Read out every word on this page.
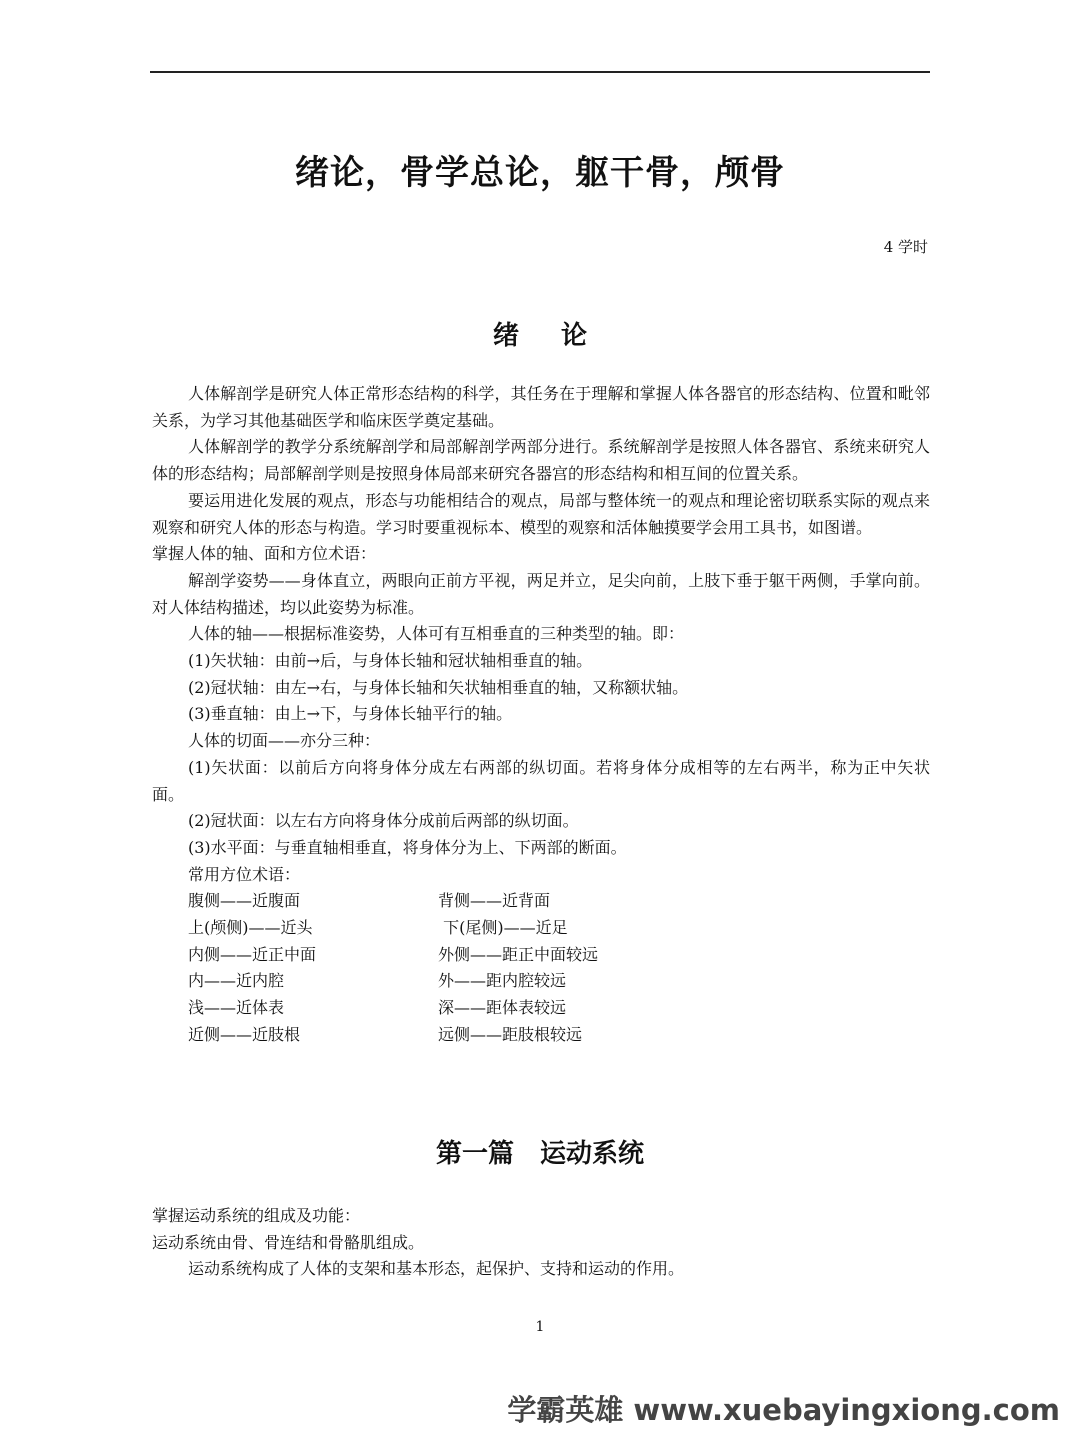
绪论，骨学总论，躯干骨，颅骨
4 学时
绪论

人体解剖学是研究人体正常形态结构的科学，其任务在于理解和掌握人体各器官的形态结构、位置和毗邻关系，为学习其他基础医学和临床医学奠定基础。

人体解剖学的教学分系统解剖学和局部解剖学两部分进行。系统解剖学是按照人体各器官、系统来研究人体的形态结构；局部解剖学则是按照身体局部来研究各器宫的形态结构和相互间的位置关系。

要运用进化发展的观点，形态与功能相结合的观点，局部与整体统一的观点和理论密切联系实际的观点来观察和研究人体的形态与构造。学习时要重视标本、模型的观察和活体触摸要学会用工具书，如图谱。

掌握人体的轴、面和方位术语：

解剖学姿势——身体直立，两眼向正前方平视，两足并立，足尖向前，上肢下垂于躯干两侧，手掌向前。对人体结构描述，均以此姿势为标准。

人体的轴——根据标准姿势，人体可有互相垂直的三种类型的轴。即：

(1)矢状轴：由前→后，与身体长轴和冠状轴相垂直的轴。

(2)冠状轴：由左→右，与身体长轴和矢状轴相垂直的轴，又称额状轴。

(3)垂直轴：由上→下，与身体长轴平行的轴。

人体的切面——亦分三种：

(1)矢状面：以前后方向将身体分成左右两部的纵切面。若将身体分成相等的左右两半，称为正中矢状面。

(2)冠状面：以左右方向将身体分成前后两部的纵切面。

(3)水平面：与垂直轴相垂直，将身体分为上、下两部的断面。

常用方位术语：

腹侧——近腹面	背侧——近背面
上(颅侧)——近头	下(尾侧)——近足
内侧——近正中面	外侧——距正中面较远
内——近内腔	外——距内腔较远
浅——近体表	深——距体表较远
近侧——近肢根	远侧——距肢根较远
第一篇　运动系统

掌握运动系统的组成及功能：

运动系统由骨、骨连结和骨骼肌组成。

运动系统构成了人体的支架和基本形态，起保护、支持和运动的作用。

1
学霸英雄 www.xuebayingxiong.com
